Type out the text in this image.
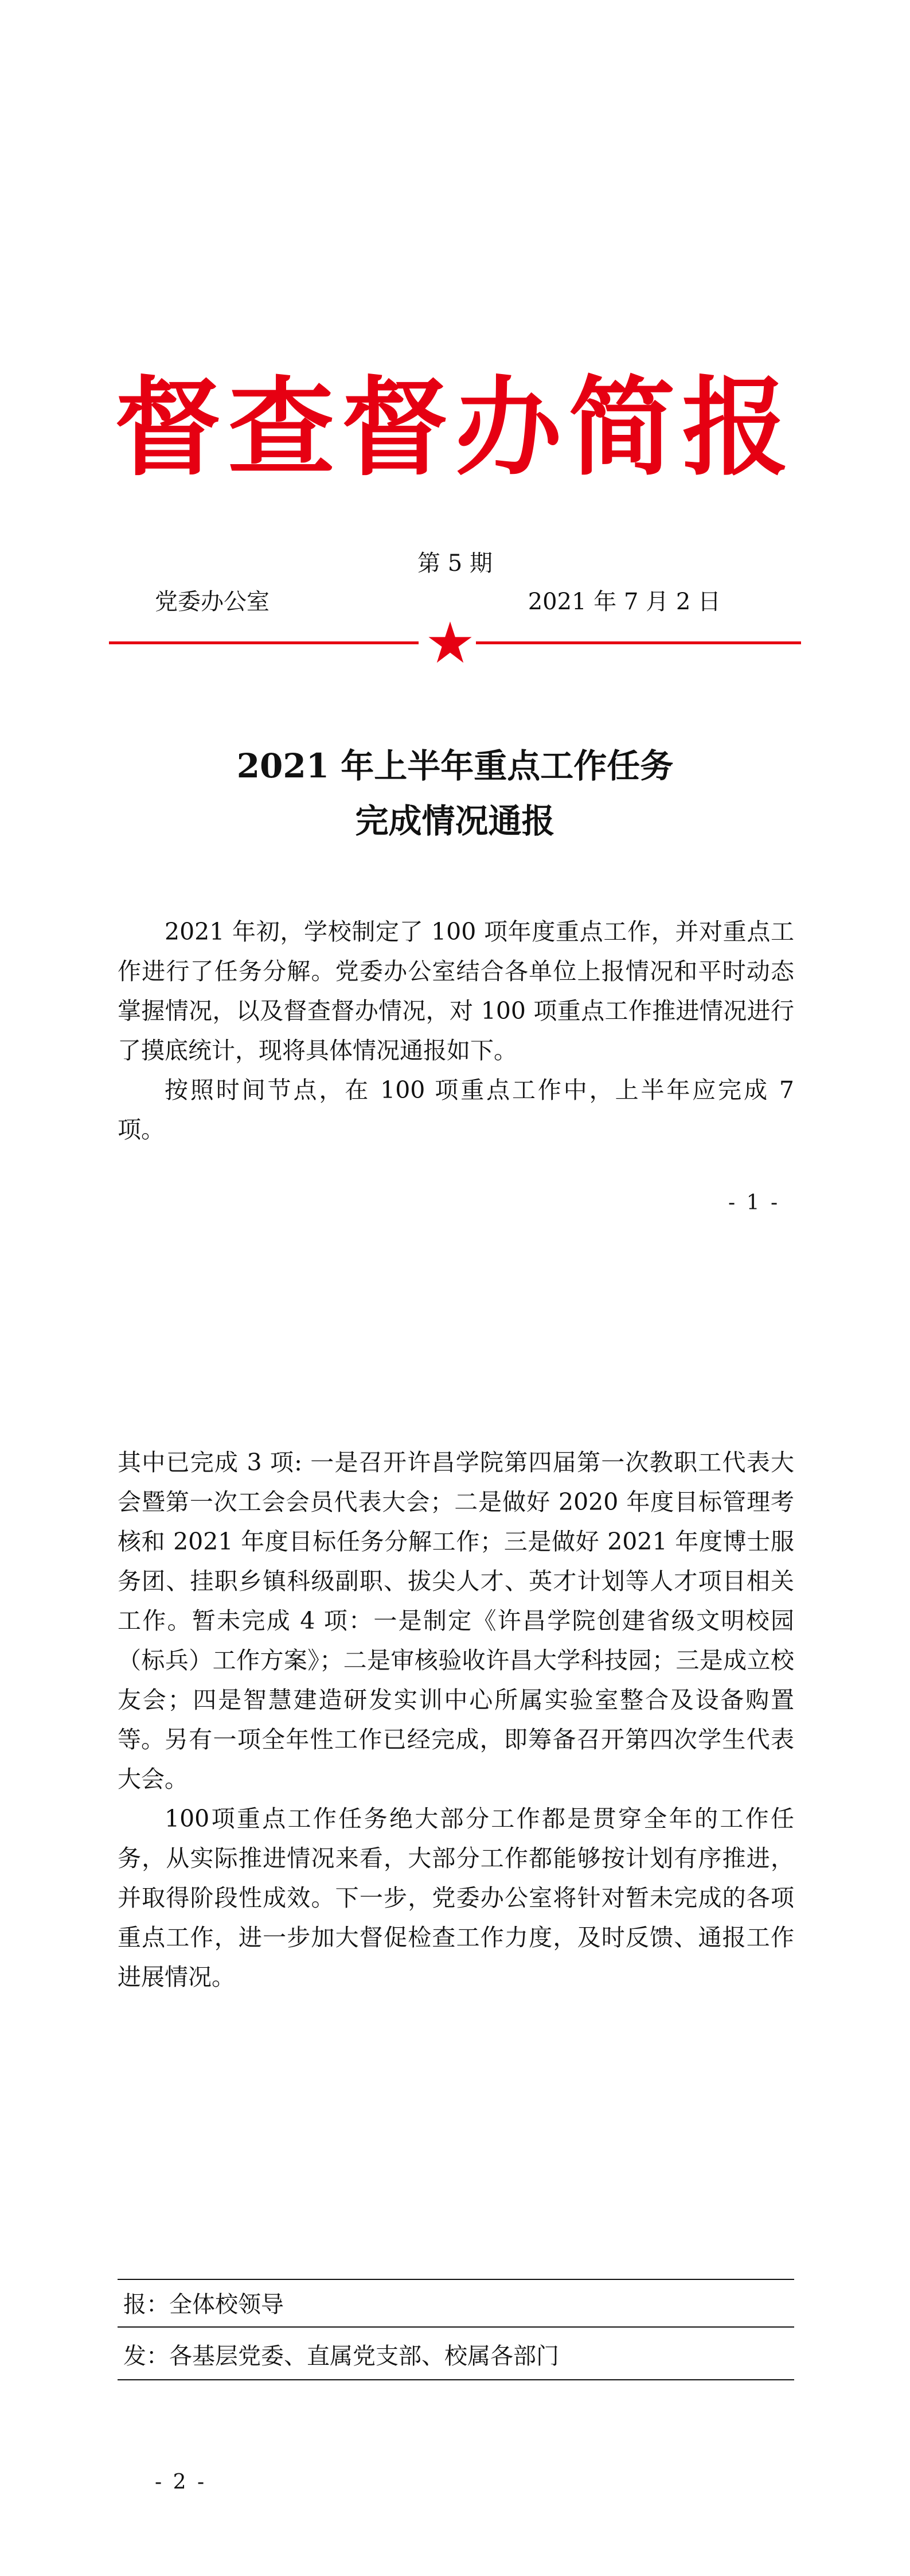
督查督办简报
第 5 期
党委办公室	2021 年 7 月 2 日
2021 年上半年重点工作任务
完成情况通报

2021 年初，学校制定了 100 项年度重点工作，并对重点工作进行了任务分解。党委办公室结合各单位上报情况和平时动态掌握情况，以及督查督办情况，对 100 项重点工作推进情况进行了摸底统计，现将具体情况通报如下。

按照时间节点，在 100 项重点工作中，上半年应完成 7 项。

- 1 -

其中已完成 3 项: 一是召开许昌学院第四届第一次教职工代表大会暨第一次工会会员代表大会；二是做好 2020 年度目标管理考核和 2021 年度目标任务分解工作；三是做好 2021 年度博士服务团、挂职乡镇科级副职、拔尖人才、英才计划等人才项目相关工作。暂未完成 4 项：一是制定《许昌学院创建省级文明校园（标兵）工作方案》；二是审核验收许昌大学科技园；三是成立校友会；四是智慧建造研发实训中心所属实验室整合及设备购置等。 另有一项全年性工作已经完成，即筹备召开第四次学生代表大会。

100项重点工作任务绝大部分工作都是贯穿全年的工作任务，从实际推进情况来看，大部分工作都能够按计划有序推进，并取得阶段性成效。下一步，党委办公室将针对暂未完成的各项重点工作，进一步加大督促检查工作力度，及时反馈、通报工作进展情况。

报：全体校领导
发：各基层党委、直属党支部、校属各部门
- 2 -
